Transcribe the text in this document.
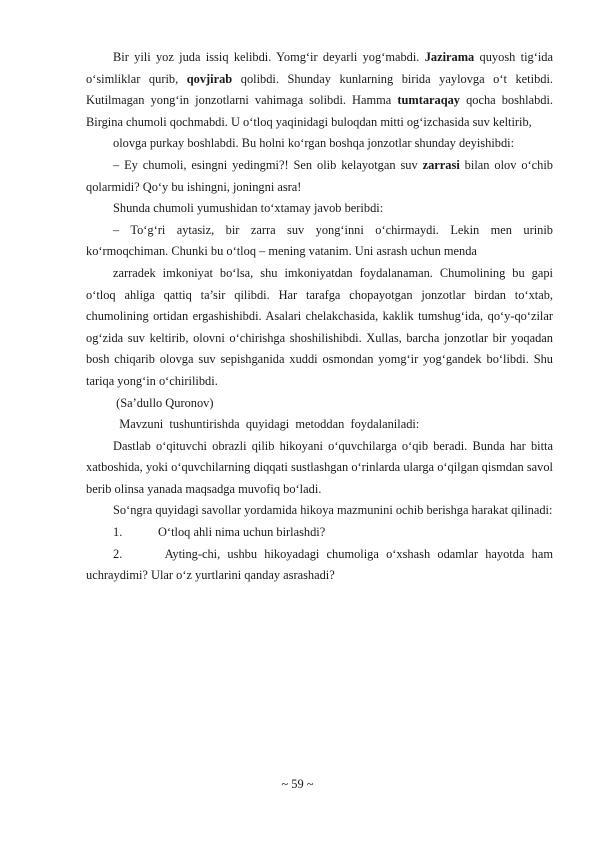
Bir yili yoz juda issiq kelibdi. Yomg‘ir deyarli yog‘mabdi. Jazirama quyosh tig‘ida o‘simliklar qurib, qovjirab qolibdi. Shunday kunlarning birida yaylovga o‘t ketibdi. Kutilmagan yong‘in jonzotlarni vahimaga solibdi. Hamma tumtaraqay qocha boshlabdi. Birgina chumoli qochmabdi. U o‘tloq yaqinidagi buloqdan mitti og‘izchasida suv keltirib,

olovga purkay boshlabdi. Bu holni ko‘rgan boshqa jonzotlar shunday deyishibdi:

– Ey chumoli, esingni yedingmi?! Sen olib kelayotgan suv zarrasi bilan olov o‘chib qolarmidi? Qo‘y bu ishingni, joningni asra!

Shunda chumoli yumushidan to‘xtamay javob beribdi:

– To‘g‘ri aytasiz, bir zarra suv yong‘inni o‘chirmaydi. Lekin men urinib ko‘rmoqchiman. Chunki bu o‘tloq – mening vatanim. Uni asrash uchun menda

zarradek imkoniyat bo‘lsa, shu imkoniyatdan foydalanaman. Chumolining bu gapi o‘tloq ahliga qattiq ta’sir qilibdi. Har tarafga chopayotgan jonzotlar birdan to‘xtab, chumolining ortidan ergashishibdi. Asalari chelakchasida, kaklik tumshug‘ida, qo‘y-qo‘zilar og‘zida suv keltirib, olovni o‘chirishga shoshilishibdi. Xullas, barcha jonzotlar bir yoqadan bosh chiqarib olovga suv sepishganida xuddi osmondan yomg‘ir yog‘gandek bo‘libdi. Shu tariqa yong‘in o‘chirilibdi.

(Sa’dullo Quronov)

Mavzuni  tushuntirishda  quyidagi  metoddan  foydalaniladi:

Dastlab o‘qituvchi obrazli qilib hikoyani o‘quvchilarga o‘qib beradi. Bunda har bitta xatboshida, yoki o‘quvchilarning diqqati sustlashgan o‘rinlarda ularga o‘qilgan qismdan savol berib olinsa yanada maqsadga muvofiq bo‘ladi.

So‘ngra quyidagi savollar yordamida hikoya mazmunini ochib berishga harakat qilinadi:

1.	O‘tloq ahli nima uchun birlashdi?
2.	Ayting-chi, ushbu hikoyadagi chumoliga o‘xshash odamlar hayotda ham uchraydimi? Ular o‘z yurtlarini qanday asrashadi?
~ 59 ~
